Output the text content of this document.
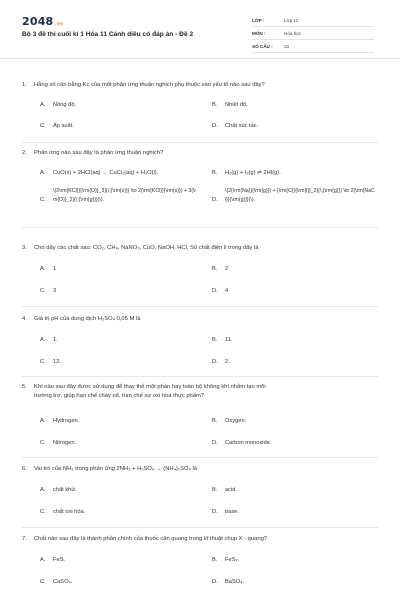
2048.vn
Bộ 3 đề thi cuối kì 1 Hóa 11 Cánh diều có đáp án - Đề 2
LỚP :	Lớp 11
MÔN :	Hóa học
SỐ CÂU :	33
1. Hằng số cân bằng Kc của một phản ứng thuận nghịch phụ thuộc vào yếu tố nào sau đây?
A. Nồng độ.	B. Nhiệt độ.
C. Áp suất.	D. Chất xúc tác.
2. Phản ứng nào sau đây là phản ứng thuận nghịch?
A. CuO(s) + 2HCl(aq) → CuCl₂(aq) + H₂O(l).	B. H₂(g) + I₂(g) ⇌ 2HI(g).
C.
\(2\rm{KCl}}{\rm{O}}_3}(\;{\rm{s}}) \to 2{\rm{KCl}}{\rm{s}}) + 3{\rm{O}}_2}(\;{\rm{g}}})\).	D.
\(2{\rm{Na}}{\rm{g}}) + {\rm{C}}{\rm{l}}_2}(\;{\rm{g}}) \to 2{\rm{NaCl}}{\rm{g}}})\).
3. Cho dãy các chất sau: CO₂, CH₄, NaNO₃, CuO, NaOH, HCl. Số chất điện li trong dãy là
A. 1	B. 2
C. 3	D. 4
4. Giá trị pH của dung dịch H₂SO₄ 0,05 M là
A. 1.	B. 11.
C. 12.	D. 2.
5. Khí nào sau đây được sử dụng để thay thế một phần hay toàn bộ không khí nhằm tạo môi
trường trơ, giúp hạn chế cháy nổ, hạn chế sự oxi hoá thực phẩm?
A. Hydrogen.	B. Oxygen.
C. Nitrogen.	D. Carbon monoxide.
6. Vai trò của NH₃ trong phản ứng 2NH₃ + H₂SO₄ → (NH₄)₂SO₄ là
A. chất khử.	B. acid.
C. chất oxi hóa.	D. base.
7. Chất nào sau đây là thành phần chính của thuốc cản quang trong kĩ thuật chụp X - quang?
A. FeS.	B. FeS₂.
C. CaSO₄.	D. BaSO₄.
